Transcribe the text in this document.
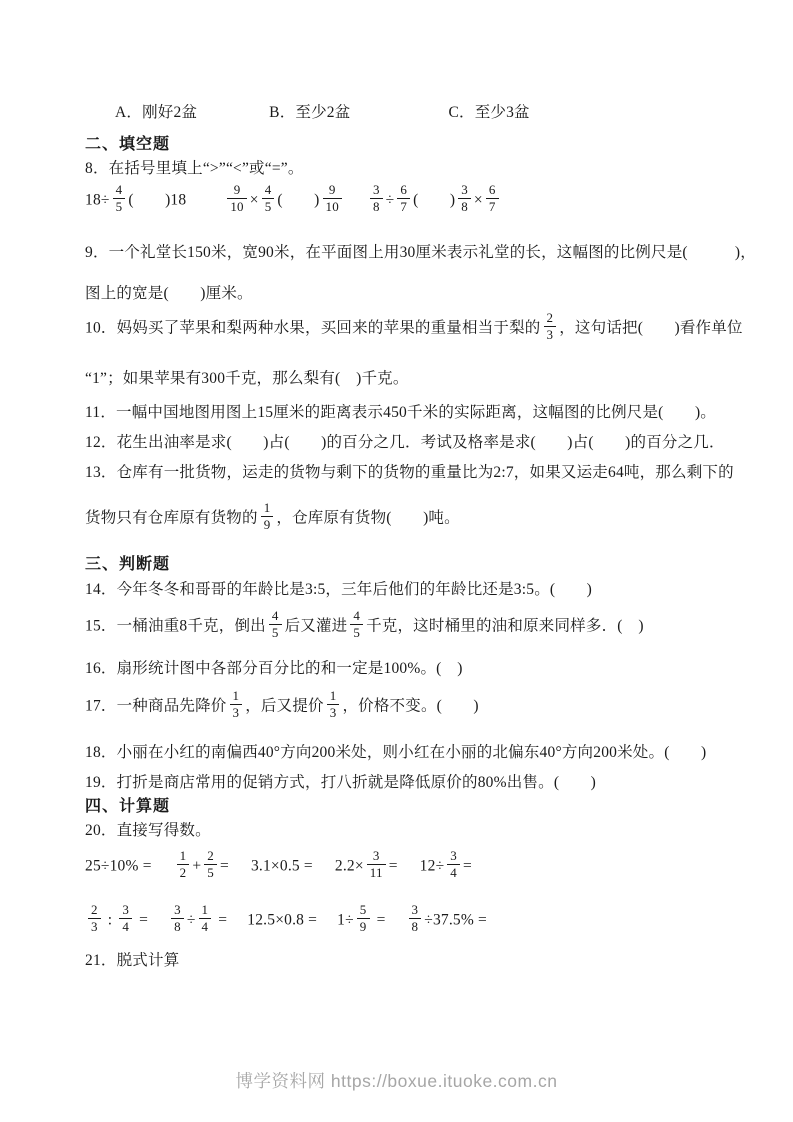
A．刚好2盆	B．至少2盆	C．至少3盆
二、填空题
8．在括号里填上“>”“<”或“=”。
$18\div \frac{4}{5}$ (　　)18	$\frac{9}{10} \times \frac{4}{5}$ (　　) $\frac{9}{10} \frac{3}{8} \div \frac{6}{7}$ (　　) $\frac{3}{8} \times \frac{6}{7}$
9．一个礼堂长150米，宽90米，在平面图上用30厘米表示礼堂的长，这幅图的比例尺是(　　　)，
图上的宽是(　　)厘米。
10．妈妈买了苹果和梨两种水果，买回来的苹果的重量相当于梨的 $\frac{2}{3}$ ，这句话把(　　)看作单位
“1”；如果苹果有300千克，那么梨有(　)千克。
11．一幅中国地图用图上15厘米的距离表示450千米的实际距离，这幅图的比例尺是(　　)。
12．花生出油率是求(　　)占(　　)的百分之几．考试及格率是求(　　)占(　　)的百分之几．
13．仓库有一批货物，运走的货物与剩下的货物的重量比为2:7，如果又运走64吨，那么剩下的
货物只有仓库原有货物的 $\frac{1}{9}$ ，仓库原有货物(　　)吨。
三、判断题
14．今年冬冬和哥哥的年龄比是3:5，三年后他们的年龄比还是3:5。(　　)
15．一桶油重8千克，倒出 $\frac{4}{5}$ 后又灌进 $\frac{4}{5}$ 千克，这时桶里的油和原来同样多．(　)
16．扇形统计图中各部分百分比的和一定是100%。(　)
17．一种商品先降价 $\frac{1}{3}$ ，后又提价 $\frac{1}{3}$ ，价格不变。(　　)
18．小丽在小红的南偏西40°方向200米处，则小红在小丽的北偏东40°方向200米处。(　　)
19．打折是商店常用的促销方式，打八折就是降低原价的80%出售。(　　)
四、计算题
20．直接写得数。
$25\div 10\% = \frac{1}{2} + \frac{2}{5} = 3.1\times 0.5 = 2.2\times \frac{3}{11} = 12\div \frac{3}{4}$ =
$\frac{2}{3}$ : $\frac{3}{4} = \frac{3}{8} \div \frac{1}{4} = 12.5\times 0.8 = 1\div \frac{5}{9} = \frac{3}{8} \div 37.5\%$ =
21．脱式计算
博学资料网 https://boxue.ituoke.com.cn
